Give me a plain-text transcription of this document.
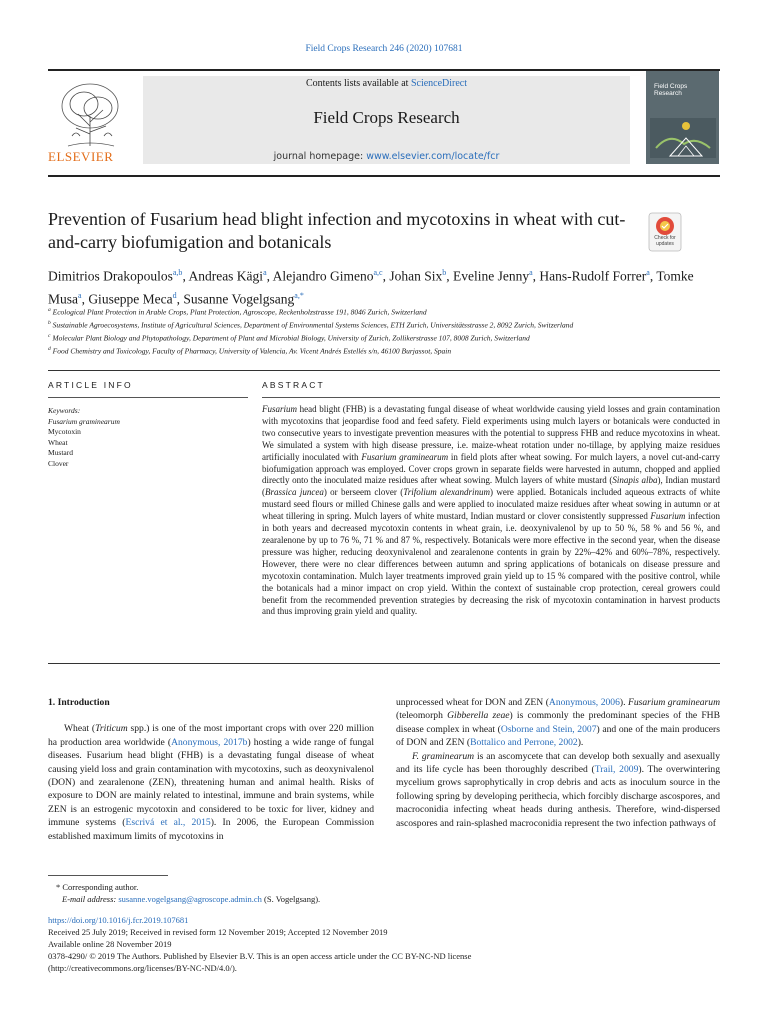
Field Crops Research 246 (2020) 107681
ELSEVIER
Contents lists available at ScienceDirect
Field Crops Research
journal homepage: www.elsevier.com/locate/fcr
Field Crops Research
Prevention of Fusarium head blight infection and mycotoxins in wheat with cut-and-carry biofumigation and botanicals	Check for updates
Dimitrios Drakopoulos$^{a,b}$, Andreas Kägi$^a$, Alejandro Gimeno$^{a,c}$, Johan Six$^b$, Eveline Jenny$^a$, Hans-Rudolf Forrer$^a$, Tomke Musa$^a$, Giuseppe Meca$^d$, Susanne Vogelgsang$^{a,*}$
$^a$ Ecological Plant Protection in Arable Crops, Plant Protection, Agroscope, Reckenholzstrasse 191, 8046 Zurich, Switzerland
$^b$ Sustainable Agroecosystems, Institute of Agricultural Sciences, Department of Environmental Systems Sciences, ETH Zurich, Universitätsstrasse 2, 8092 Zurich, Switzerland
$^c$ Molecular Plant Biology and Phytopathology, Department of Plant and Microbial Biology, University of Zurich, Zollikerstrasse 107, 8008 Zurich, Switzerland
$^d$ Food Chemistry and Toxicology, Faculty of Pharmacy, University of Valencia, Av. Vicent Andrés Estellés s/n, 46100 Burjassot, Spain
ARTICLE INFO
Keywords:
Fusarium graminearum
Mycotoxin
Wheat
Mustard
Clover
ABSTRACT
Fusarium head blight (FHB) is a devastating fungal disease of wheat worldwide causing yield losses and grain contamination with mycotoxins that jeopardise food and feed safety. Field experiments using mulch layers or botanicals were conducted in two consecutive years to investigate prevention measures with the potential to suppress FHB and reduce mycotoxins in wheat. We simulated a system with high disease pressure, i.e. maize-wheat rotation under no-tillage, by applying maize residues artificially inoculated with Fusarium graminearum in field plots after wheat sowing. For mulch layers, a novel cut-and-carry biofumigation approach was employed. Cover crops grown in separate fields were harvested in autumn, chopped and applied directly onto the inoculated maize residues after wheat sowing. Mulch layers of white mustard (Sinapis alba), Indian mustard (Brassica juncea) or berseem clover (Trifolium alexandrinum) were applied. Botanicals included aqueous extracts of white mustard seed flours or milled Chinese galls and were applied to inoculated maize residues after wheat sowing in autumn or at wheat tillering in spring. Mulch layers of white mustard, Indian mustard or clover consistently suppressed Fusarium infection in both years and decreased mycotoxin contents in wheat grain, i.e. deoxynivalenol by up to 50 %, 58 % and 56 %, and zearalenone by up to 76 %, 71 % and 87 %, respectively. Botanicals were more effective in the second year, when the disease pressure was higher, reducing deoxynivalenol and zearalenone contents in grain by 22%–42% and 60%–78%, respectively. However, there were no clear differences between autumn and spring applications of botanicals on disease pressure and mycotoxin contamination. Mulch layer treatments improved grain yield up to 15 % compared with the positive control, while the botanicals had a minor impact on crop yield. Within the context of sustainable crop protection, cereal growers could benefit from the recommended prevention strategies by decreasing the risk of mycotoxin contamination in harvest products and thus improving grain yield and quality.
1. Introduction

Wheat (Triticum spp.) is one of the most important crops with over 220 million ha production area worldwide (Anonymous, 2017b) hosting a wide range of fungal diseases. Fusarium head blight (FHB) is a devastating fungal disease of wheat causing yield loss and grain contamination with mycotoxins, such as deoxynivalenol (DON) and zearalenone (ZEN), threatening human and animal health. Risks of exposure to DON are mainly related to intestinal, immune and brain systems, while ZEN is an estrogenic mycotoxin and considered to be toxic for liver, kidney and immune systems (Escrivá et al., 2015). In 2006, the European Commission established maximum limits of mycotoxins in

unprocessed wheat for DON and ZEN (Anonymous, 2006). Fusarium graminearum (teleomorph Gibberella zeae) is commonly the predominant species of the FHB disease complex in wheat (Osborne and Stein, 2007) and one of the main producers of DON and ZEN (Bottalico and Perrone, 2002).

F. graminearum is an ascomycete that can develop both sexually and asexually and its life cycle has been thoroughly described (Trail, 2009). The overwintering mycelium grows saprophytically in crop debris and acts as inoculum source in the following spring by developing perithecia, which forcibly discharge ascospores, and macroconidia infecting wheat heads during anthesis. Therefore, wind-dispersed ascospores and rain-splashed macroconidia represent the two infection pathways of

* Corresponding author.
E-mail address: susanne.vogelgsang@agroscope.admin.ch (S. Vogelgsang).
https://doi.org/10.1016/j.fcr.2019.107681
Received 25 July 2019; Received in revised form 12 November 2019; Accepted 12 November 2019
Available online 28 November 2019
0378-4290/ © 2019 The Authors. Published by Elsevier B.V. This is an open access article under the CC BY-NC-ND license
(http://creativecommons.org/licenses/BY-NC-ND/4.0/).
